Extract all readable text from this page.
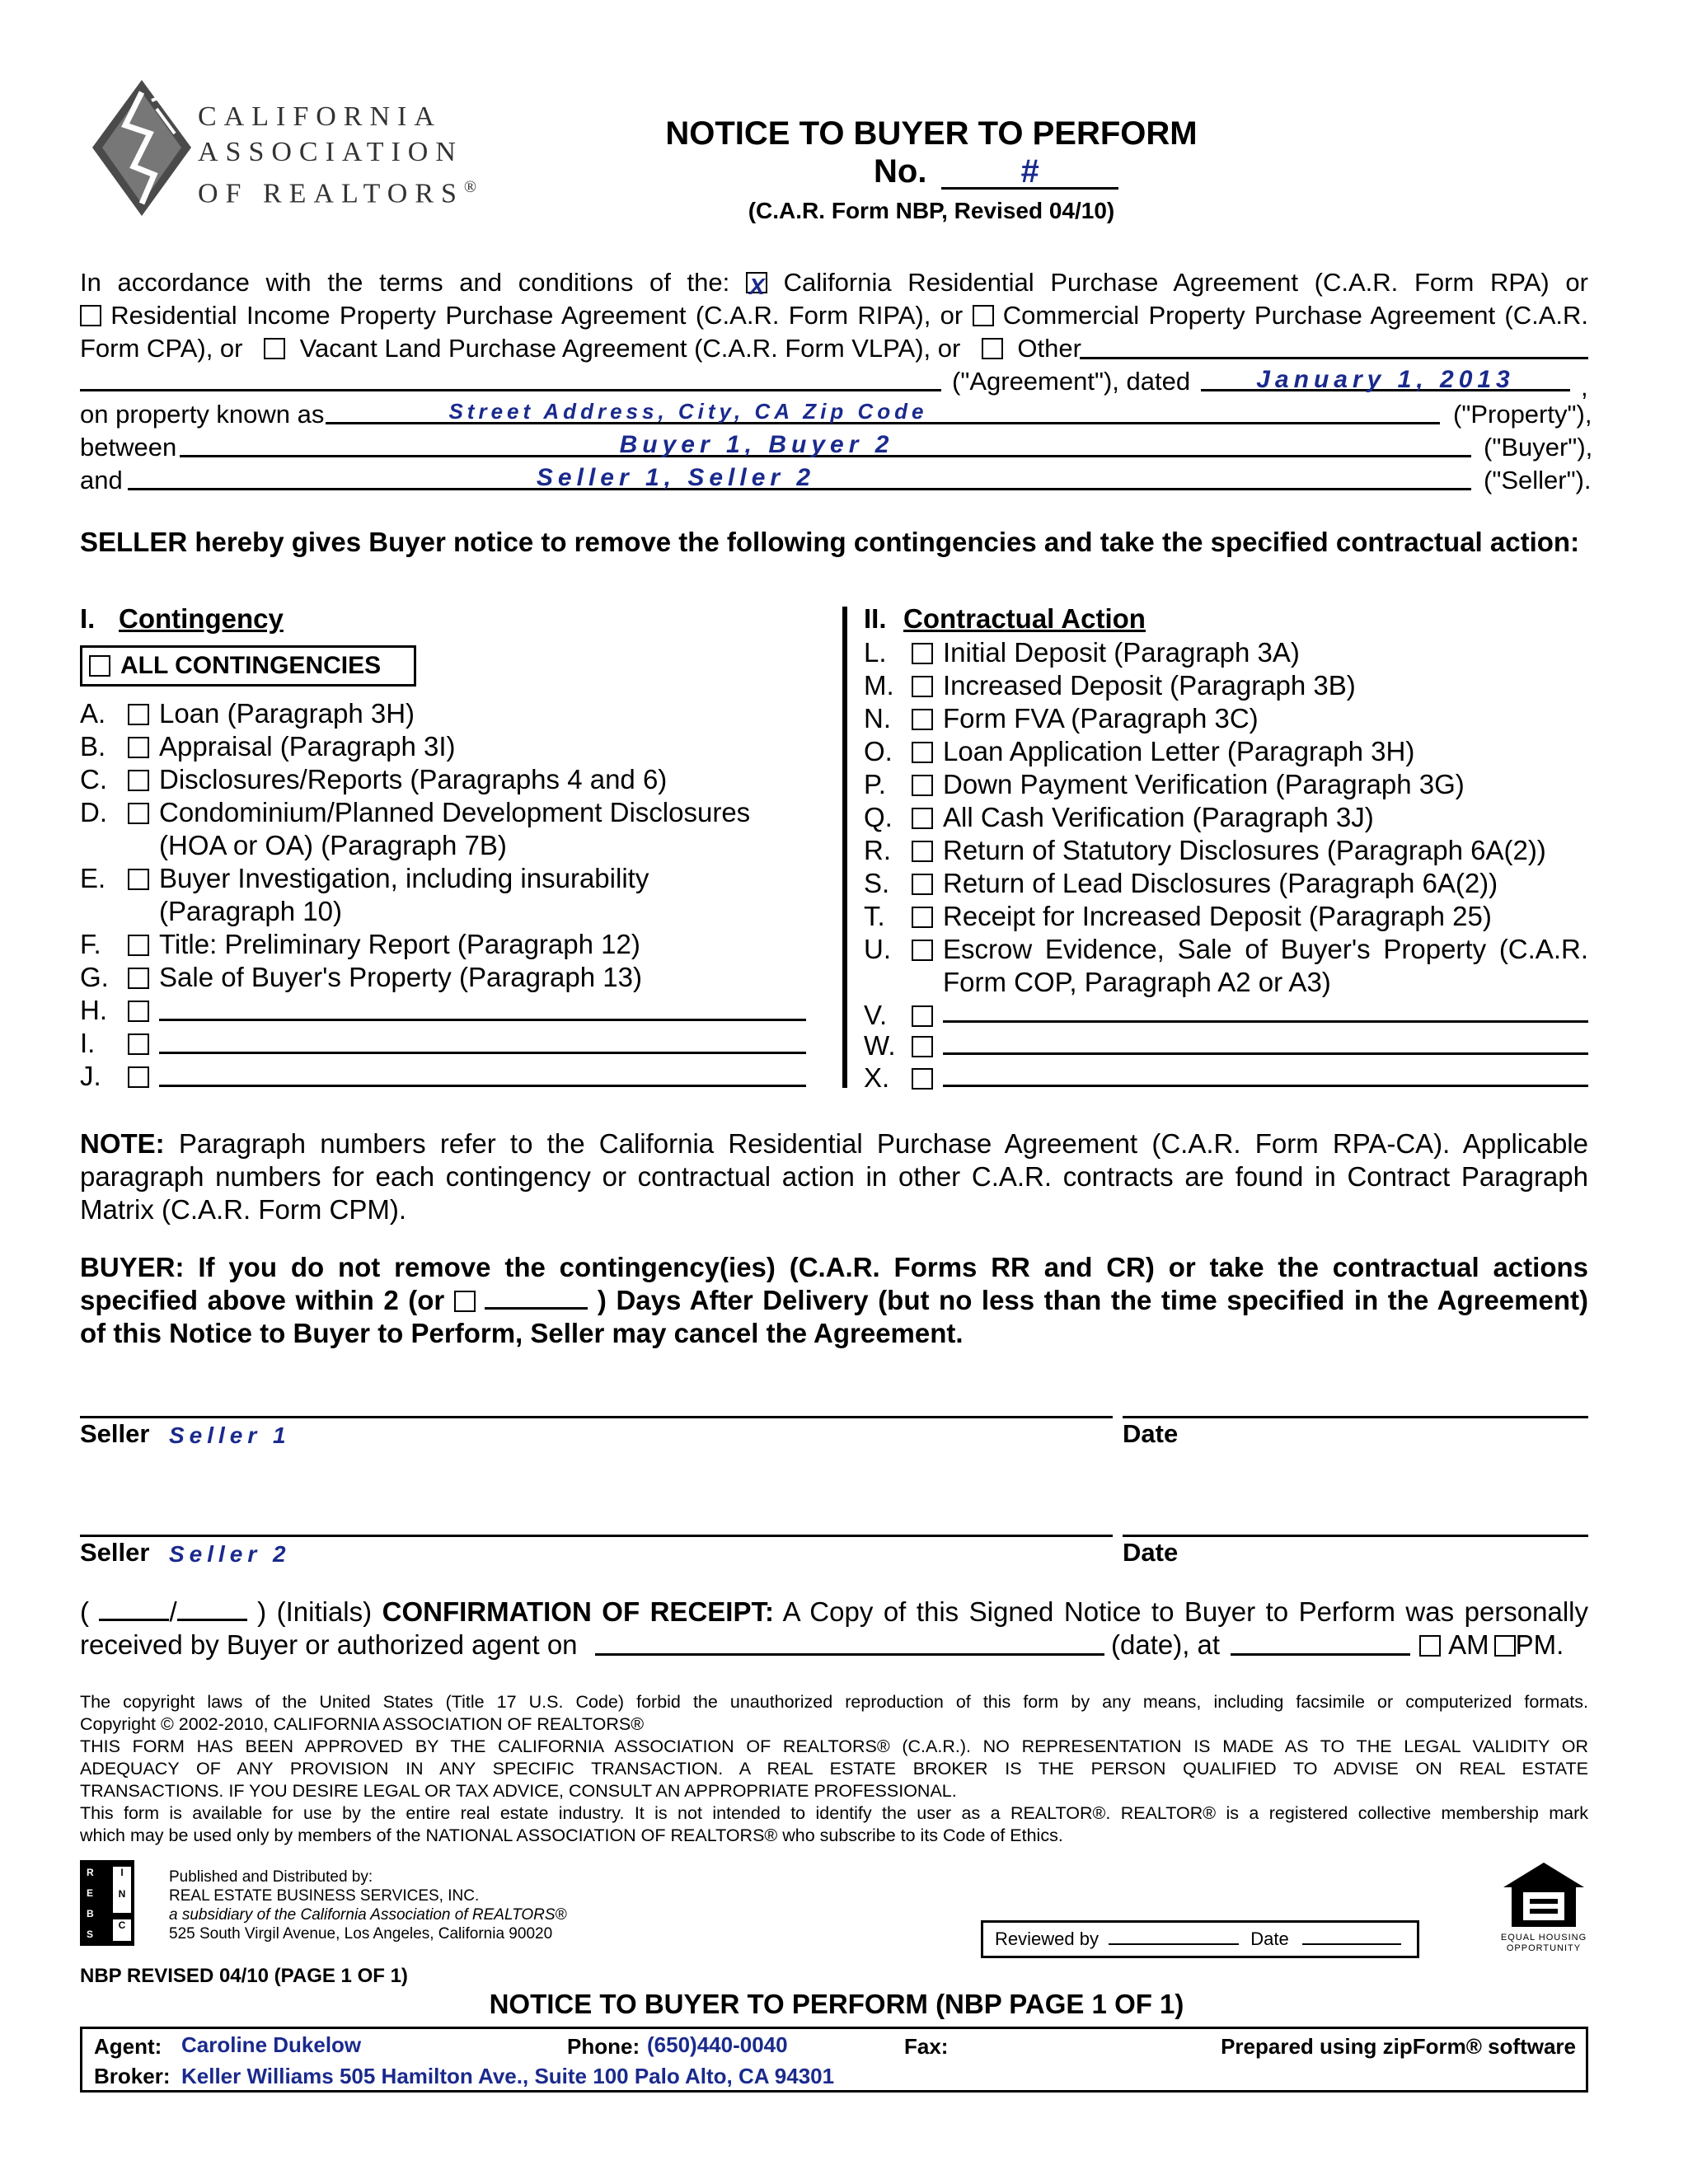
CALIFORNIA
ASSOCIATION
OF REALTORS®
NOTICE TO BUYER TO PERFORM
No.	#
(C.A.R. Form NBP, Revised 04/10)
In accordance with the terms and conditions of the: X California Residential Purchase Agreement (C.A.R. Form RPA) or
Residential Income Property Purchase Agreement (C.A.R. Form RIPA), or Commercial Property Purchase Agreement (C.A.R.
Form CPA), or Vacant Land Purchase Agreement (C.A.R. Form VLPA), or Other
("Agreement"), dated	January 1, 2013	,
on property known as	Street Address, City, CA Zip Code	("Property"),
between	Buyer 1, Buyer 2	("Buyer"),
and	Seller 1, Seller 2	("Seller").
SELLER hereby gives Buyer notice to remove the following contingencies and take the specified contractual action:
I. Contingency
ALL CONTINGENCIES
A. Loan (Paragraph 3H)
B. Appraisal (Paragraph 3I)
C. Disclosures/Reports (Paragraphs 4 and 6)
D. Condominium/Planned Development Disclosures
(HOA or OA) (Paragraph 7B)
E. Buyer Investigation, including insurability
(Paragraph 10)
F. Title: Preliminary Report (Paragraph 12)
G. Sale of Buyer's Property (Paragraph 13)
H.
I.
J.
II. Contractual Action
L. Initial Deposit (Paragraph 3A)
M. Increased Deposit (Paragraph 3B)
N. Form FVA (Paragraph 3C)
O. Loan Application Letter (Paragraph 3H)
P. Down Payment Verification (Paragraph 3G)
Q. All Cash Verification (Paragraph 3J)
R. Return of Statutory Disclosures (Paragraph 6A(2))
S. Return of Lead Disclosures (Paragraph 6A(2))
T. Receipt for Increased Deposit (Paragraph 25)
U. Escrow Evidence, Sale of Buyer's Property (C.A.R.
Form COP, Paragraph A2 or A3)
V.
W.
X.
NOTE: Paragraph numbers refer to the California Residential Purchase Agreement (C.A.R. Form RPA-CA). Applicable
paragraph numbers for each contingency or contractual action in other C.A.R. contracts are found in Contract Paragraph
Matrix (C.A.R. Form CPM).
BUYER: If you do not remove the contingency(ies) (C.A.R. Forms RR and CR) or take the contractual actions
specified above within 2 (or	) Days After Delivery (but no less than the time specified in the Agreement)
of this Notice to Buyer to Perform, Seller may cancel the Agreement.
Seller Seller 1	Date
Seller Seller 2	Date
(	/	) (Initials) CONFIRMATION OF RECEIPT: A Copy of this Signed Notice to Buyer to Perform was personally
received by Buyer or authorized agent on	(date), at	AM PM.
The copyright laws of the United States (Title 17 U.S. Code) forbid the unauthorized reproduction of this form by any means, including facsimile or computerized formats.
Copyright © 2002-2010, CALIFORNIA ASSOCIATION OF REALTORS®
THIS FORM HAS BEEN APPROVED BY THE CALIFORNIA ASSOCIATION OF REALTORS® (C.A.R.). NO REPRESENTATION IS MADE AS TO THE LEGAL VALIDITY OR
ADEQUACY OF ANY PROVISION IN ANY SPECIFIC TRANSACTION. A REAL ESTATE BROKER IS THE PERSON QUALIFIED TO ADVISE ON REAL ESTATE
TRANSACTIONS. IF YOU DESIRE LEGAL OR TAX ADVICE, CONSULT AN APPROPRIATE PROFESSIONAL.
This form is available for use by the entire real estate industry. It is not intended to identify the user as a REALTOR®. REALTOR® is a registered collective membership mark
which may be used only by members of the NATIONAL ASSOCIATION OF REALTORS® who subscribe to its Code of Ethics.
R	I
E	N
B
C
S
Published and Distributed by:
REAL ESTATE BUSINESS SERVICES, INC.
a subsidiary of the California Association of REALTORS®
525 South Virgil Avenue, Los Angeles, California 90020	Reviewed by	Date	EQUAL HOUSING
OPPORTUNITY
NBP REVISED 04/10 (PAGE 1 OF 1)
NOTICE TO BUYER TO PERFORM (NBP PAGE 1 OF 1)
Agent: Caroline Dukelow	Phone: (650)440-0040	Fax:	Prepared using zipForm® software
Broker: Keller Williams 505 Hamilton Ave., Suite 100 Palo Alto, CA 94301
